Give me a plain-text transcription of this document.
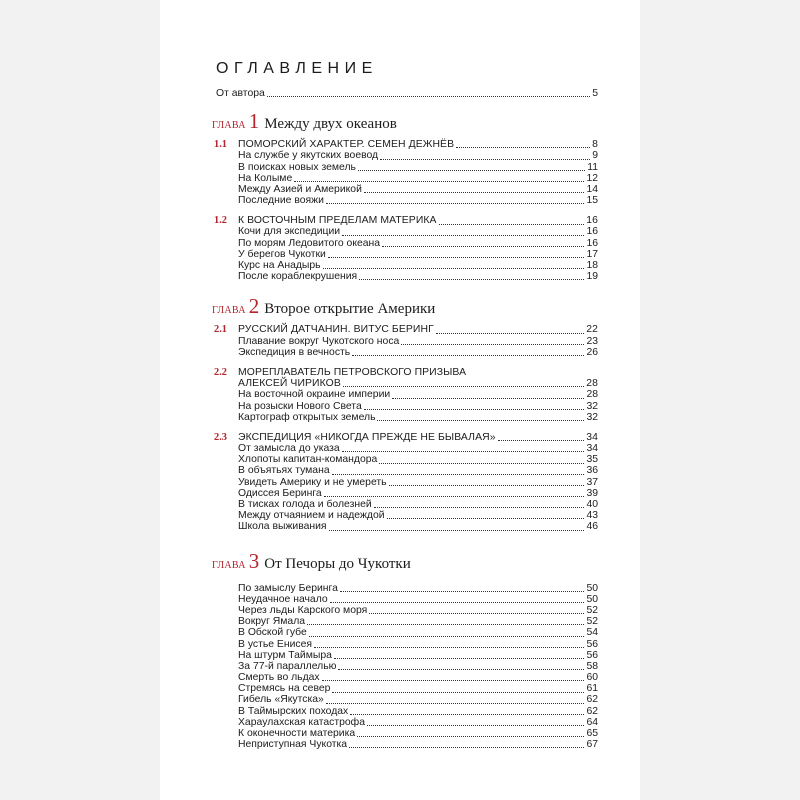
ОГЛАВЛЕНИЕ
От автора	5
ГЛАВА 1 Между двух океанов
1.1	ПОМОРСКИЙ ХАРАКТЕР. СЕМЕН ДЕЖНЁВ	8
На службе у якутских воевод	9
В поисках новых земель	11
На Колыме	12
Между Азией и Америкой	14
Последние вояжи	15
1.2	К ВОСТОЧНЫМ ПРЕДЕЛАМ МАТЕРИКА	16
Кочи для экспедиции	16
По морям Ледовитого океана	16
У берегов Чукотки	17
Курс на Анадырь	18
После кораблекрушения	19
ГЛАВА 2 Второе открытие Америки
2.1	РУССКИЙ ДАТЧАНИН. ВИТУС БЕРИНГ	22
Плавание вокруг Чукотского носа	23
Экспедиция в вечность	26
2.2	МОРЕПЛАВАТЕЛЬ ПЕТРОВСКОГО ПРИЗЫВА
АЛЕКСЕЙ ЧИРИКОВ	28
На восточной окраине империи	28
На розыски Нового Света	32
Картограф открытых земель	32
2.3	ЭКСПЕДИЦИЯ «НИКОГДА ПРЕЖДЕ НЕ БЫВАЛАЯ»	34
От замысла до указа	34
Хлопоты капитан-командора	35
В объятьях тумана	36
Увидеть Америку и не умереть	37
Одиссея Беринга	39
В тисках голода и болезней	40
Между отчаянием и надеждой	43
Школа выживания	46
ГЛАВА 3 От Печоры до Чукотки
По замыслу Беринга	50
Неудачное начало	50
Через льды Карского моря	52
Вокруг Ямала	52
В Обской губе	54
В устье Енисея	56
На штурм Таймыра	56
За 77-й параллелью	58
Смерть во льдах	60
Стремясь на север	61
Гибель «Якутска»	62
В Таймырских походах	62
Харaулахская катастрофа	64
К оконечности материка	65
Неприступная Чукотка	67
